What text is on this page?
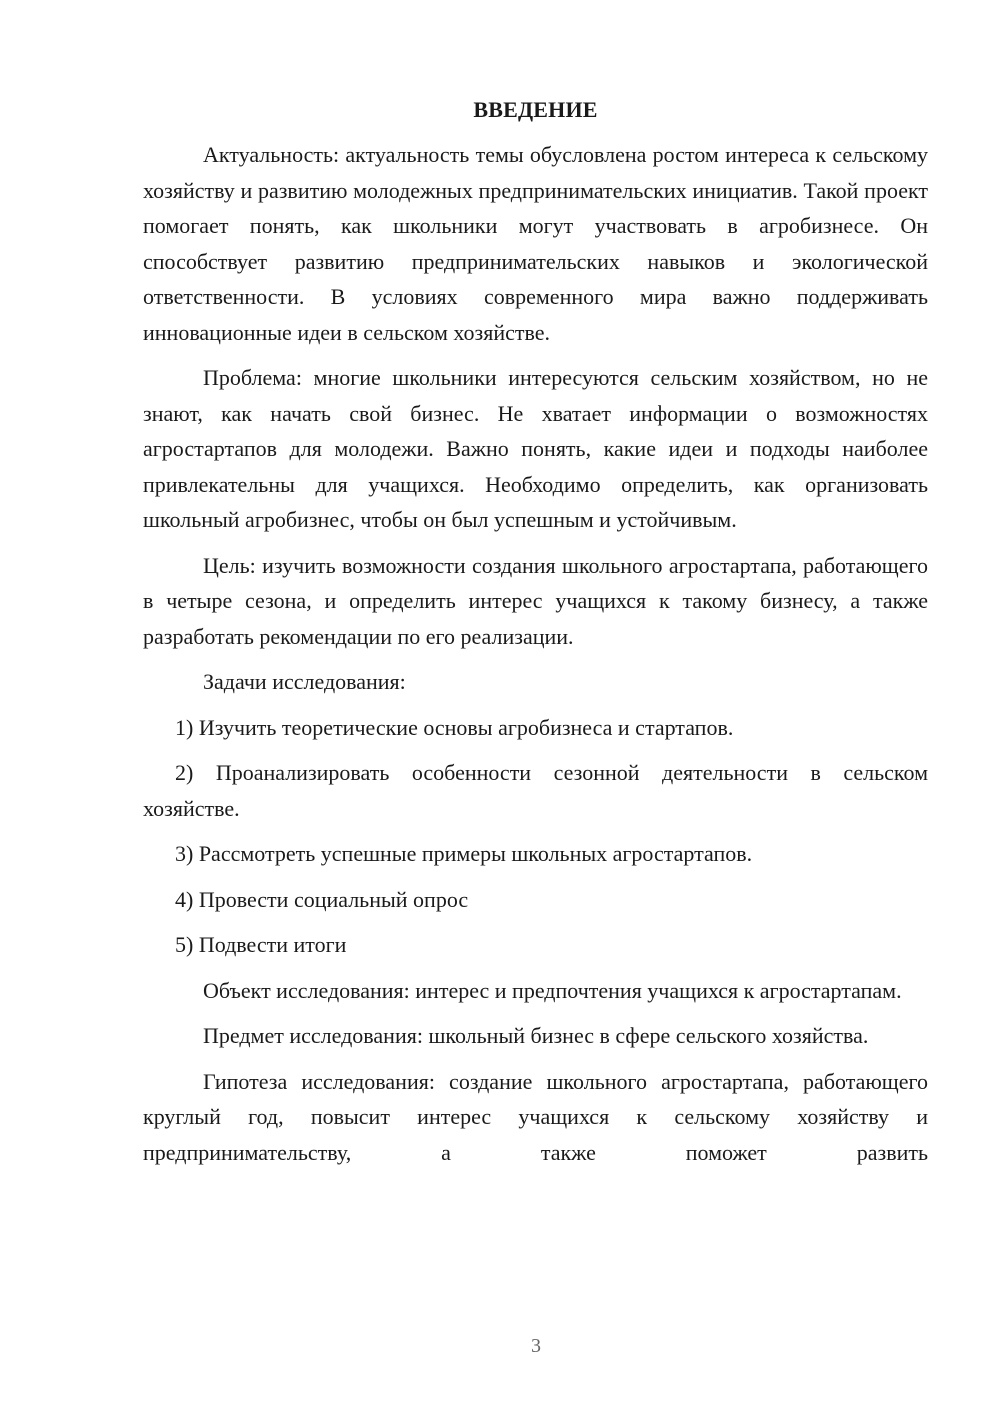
ВВЕДЕНИЕ

Актуальность: актуальность темы обусловлена ростом интереса к сельскому хозяйству и развитию молодежных предпринимательских инициатив. Такой проект помогает понять, как школьники могут участвовать в агробизнесе. Он способствует развитию предпринимательских навыков и экологической ответственности. В условиях современного мира важно поддерживать инновационные идеи в сельском хозяйстве.

Проблема: многие школьники интересуются сельским хозяйством, но не знают, как начать свой бизнес. Не хватает информации о возможностях агростартапов для молодежи. Важно понять, какие идеи и подходы наиболее привлекательны для учащихся. Необходимо определить, как организовать школьный агробизнес, чтобы он был успешным и устойчивым.

Цель: изучить возможности создания школьного агростартапа, работающего в четыре сезона, и определить интерес учащихся к такому бизнесу, а также разработать рекомендации по его реализации.

Задачи исследования:

1) Изучить теоретические основы агробизнеса и стартапов.

2) Проанализировать особенности сезонной деятельности в сельском хозяйстве.

3) Рассмотреть успешные примеры школьных агростартапов.

4) Провести социальный опрос

5) Подвести итоги

Объект исследования: интерес и предпочтения учащихся к агростартапам.

Предмет исследования: школьный бизнес в сфере сельского хозяйства.

Гипотеза исследования: создание школьного агростартапа, работающего круглый год, повысит интерес учащихся к сельскому хозяйству и предпринимательству, а также поможет развить

3
